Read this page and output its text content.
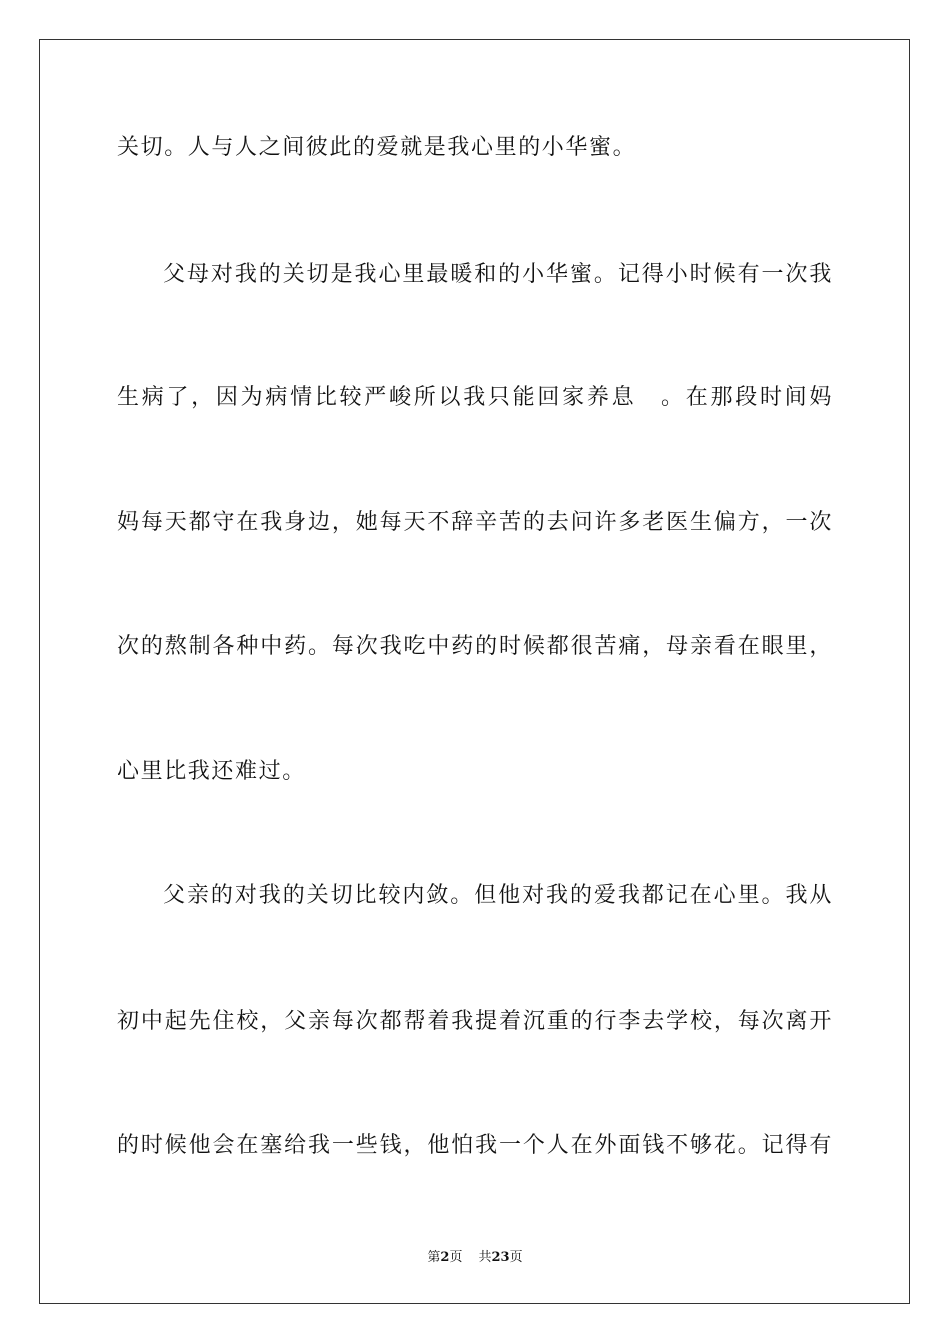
关切。人与人之间彼此的爱就是我心里的小华蜜。
父母对我的关切是我心里最暖和的小华蜜。记得小时候有一次我
生病了，因为病情比较严峻所以我只能回家养息　。在那段时间妈
妈每天都守在我身边，她每天不辞辛苦的去问许多老医生偏方，一次
次的熬制各种中药。每次我吃中药的时候都很苦痛，母亲看在眼里，
心里比我还难过。
父亲的对我的关切比较内敛。但他对我的爱我都记在心里。我从
初中起先住校，父亲每次都帮着我提着沉重的行李去学校，每次离开
的时候他会在塞给我一些钱，他怕我一个人在外面钱不够花。记得有
第2页 共23页
